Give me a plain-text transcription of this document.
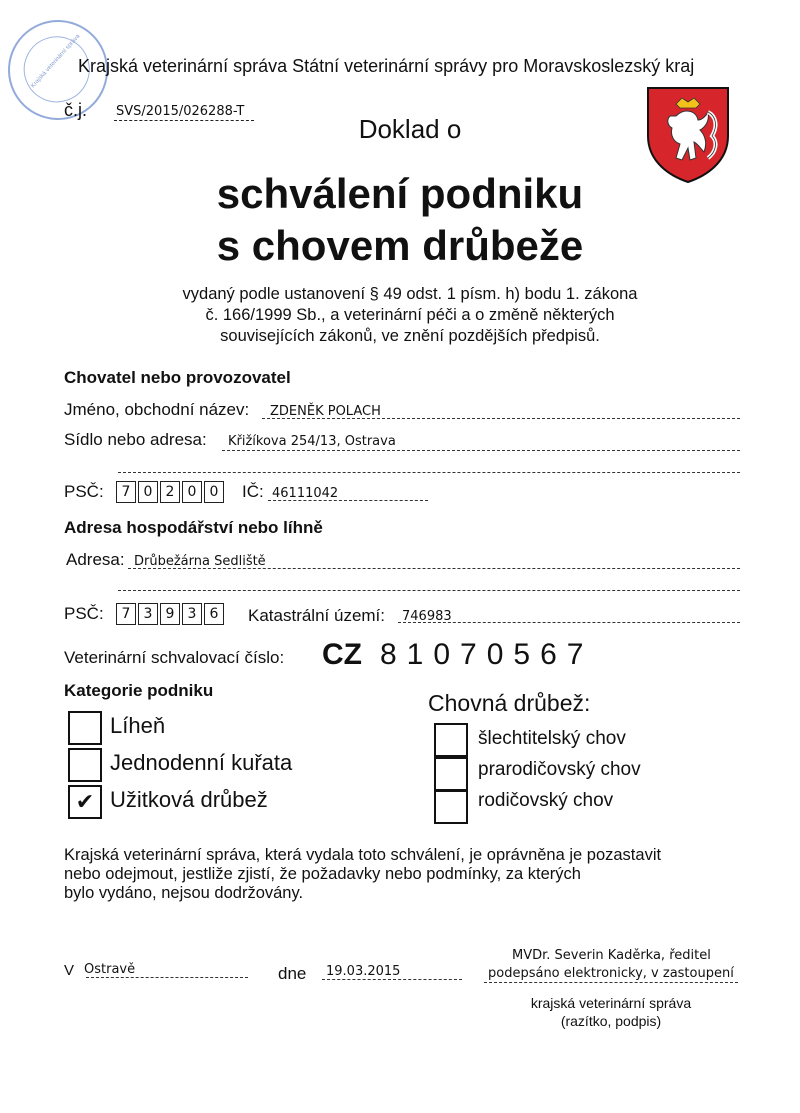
Krajská veterinární správa
Krajská veterinární správa Státní veterinární správy pro Moravskoslezský kraj
č.j. SVS/2015/026288-T
Doklad o
schválení podniku
s chovem drůbeže
vydaný podle ustanovení § 49 odst. 1 písm. h) bodu 1. zákona
č. 166/1999 Sb., a veterinární péči a o změně některých
souvisejících zákonů, ve znění pozdějších předpisů.
Chovatel nebo provozovatel
Jméno, obchodní název: ZDENĚK POLACH
Sídlo nebo adresa: Křižíkova 254/13, Ostrava
PSČ:	7 0 2 0 0	IČ: 46111042
Adresa hospodářství nebo líhně
Adresa: Drůbežárna Sedliště
PSČ:	7 3 9 3 6	Katastrální území: 746983
Veterinární schvalovací číslo: CZ 81070567
Kategorie podniku
Líheň
Jednodenní kuřata
✔ Užitková drůbež
Chovná drůbež:
šlechtitelský chov
prarodičovský chov
rodičovský chov
Krajská veterinární správa, která vydala toto schválení, je oprávněna je pozastavit
nebo odejmout, jestliže zjistí, že požadavky nebo podmínky, za kterých
bylo vydáno, nejsou dodržovány.
V Ostravě	dne 19.03.2015
MVDr. Severin Kaděrka, ředitel
podepsáno elektronicky, v zastoupení
krajská veterinární správa
(razítko, podpis)
